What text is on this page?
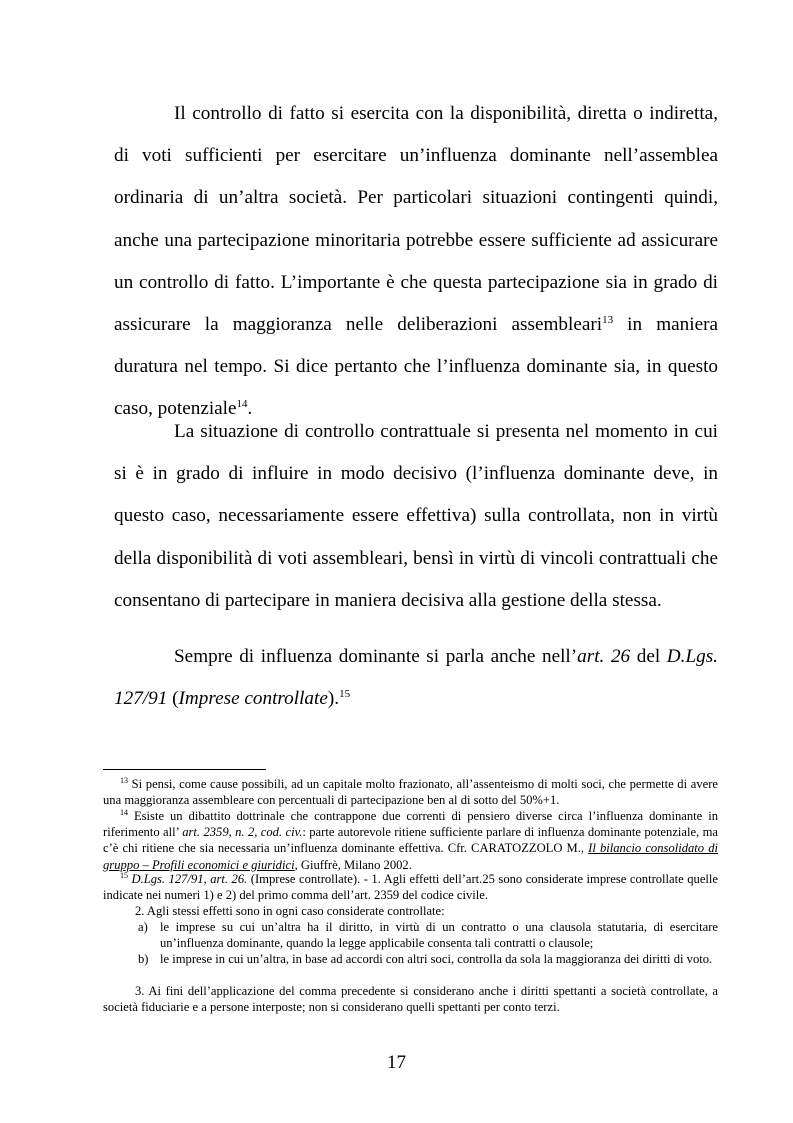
Il controllo di fatto si esercita con la disponibilità, diretta o indiretta, di voti sufficienti per esercitare un’influenza dominante nell’assemblea ordinaria di un’altra società. Per particolari situazioni contingenti quindi, anche una partecipazione minoritaria potrebbe essere sufficiente ad assicurare un controllo di fatto. L’importante è che questa partecipazione sia in grado di assicurare la maggioranza nelle deliberazioni assembleari$^{13}$ in maniera duratura nel tempo. Si dice pertanto che l’influenza dominante sia, in questo caso, potenziale$^{14}$.

La situazione di controllo contrattuale si presenta nel momento in cui si è in grado di influire in modo decisivo (l’influenza dominante deve, in questo caso, necessariamente essere effettiva) sulla controllata, non in virtù della disponibilità di voti assembleari, bensì in virtù di vincoli contrattuali che consentano di partecipare in maniera decisiva alla gestione della stessa.

Sempre di influenza dominante si parla anche nell’art. 26 del D.Lgs. 127/91 (Imprese controllate).$^{15}$

$^{13}$ Si pensi, come cause possibili, ad un capitale molto frazionato, all’assenteismo di molti soci, che permette di avere una maggioranza assembleare con percentuali di partecipazione ben al di sotto del 50%+1.

$^{14}$ Esiste un dibattito dottrinale che contrappone due correnti di pensiero diverse circa l’influenza dominante in riferimento all’ art. 2359, n. 2, cod. civ.: parte autorevole ritiene sufficiente parlare di influenza dominante potenziale, ma c’è chi ritiene che sia necessaria un’influenza dominante effettiva. Cfr. CARATOZZOLO M., Il bilancio consolidato di gruppo – Profili economici e giuridici, Giuffrè, Milano 2002.

$^{15}$ D.Lgs. 127/91, art. 26. (Imprese controllate). - 1. Agli effetti dell’art.25 sono considerate imprese controllate quelle indicate nei numeri 1) e 2) del primo comma dell’art. 2359 del codice civile.

2. Agli stessi effetti sono in ogni caso considerate controllate:

a) le imprese su cui un’altra ha il diritto, in virtù di un contratto o una clausola statutaria, di esercitare un’influenza dominante, quando la legge applicabile consenta tali contratti o clausole;
b) le imprese in cui un’altra, in base ad accordi con altri soci, controlla da sola la maggioranza dei diritti di voto.

3. Ai fini dell’applicazione del comma precedente si considerano anche i diritti spettanti a società controllate, a società fiduciarie e a persone interposte; non si considerano quelli spettanti per conto terzi.

17
